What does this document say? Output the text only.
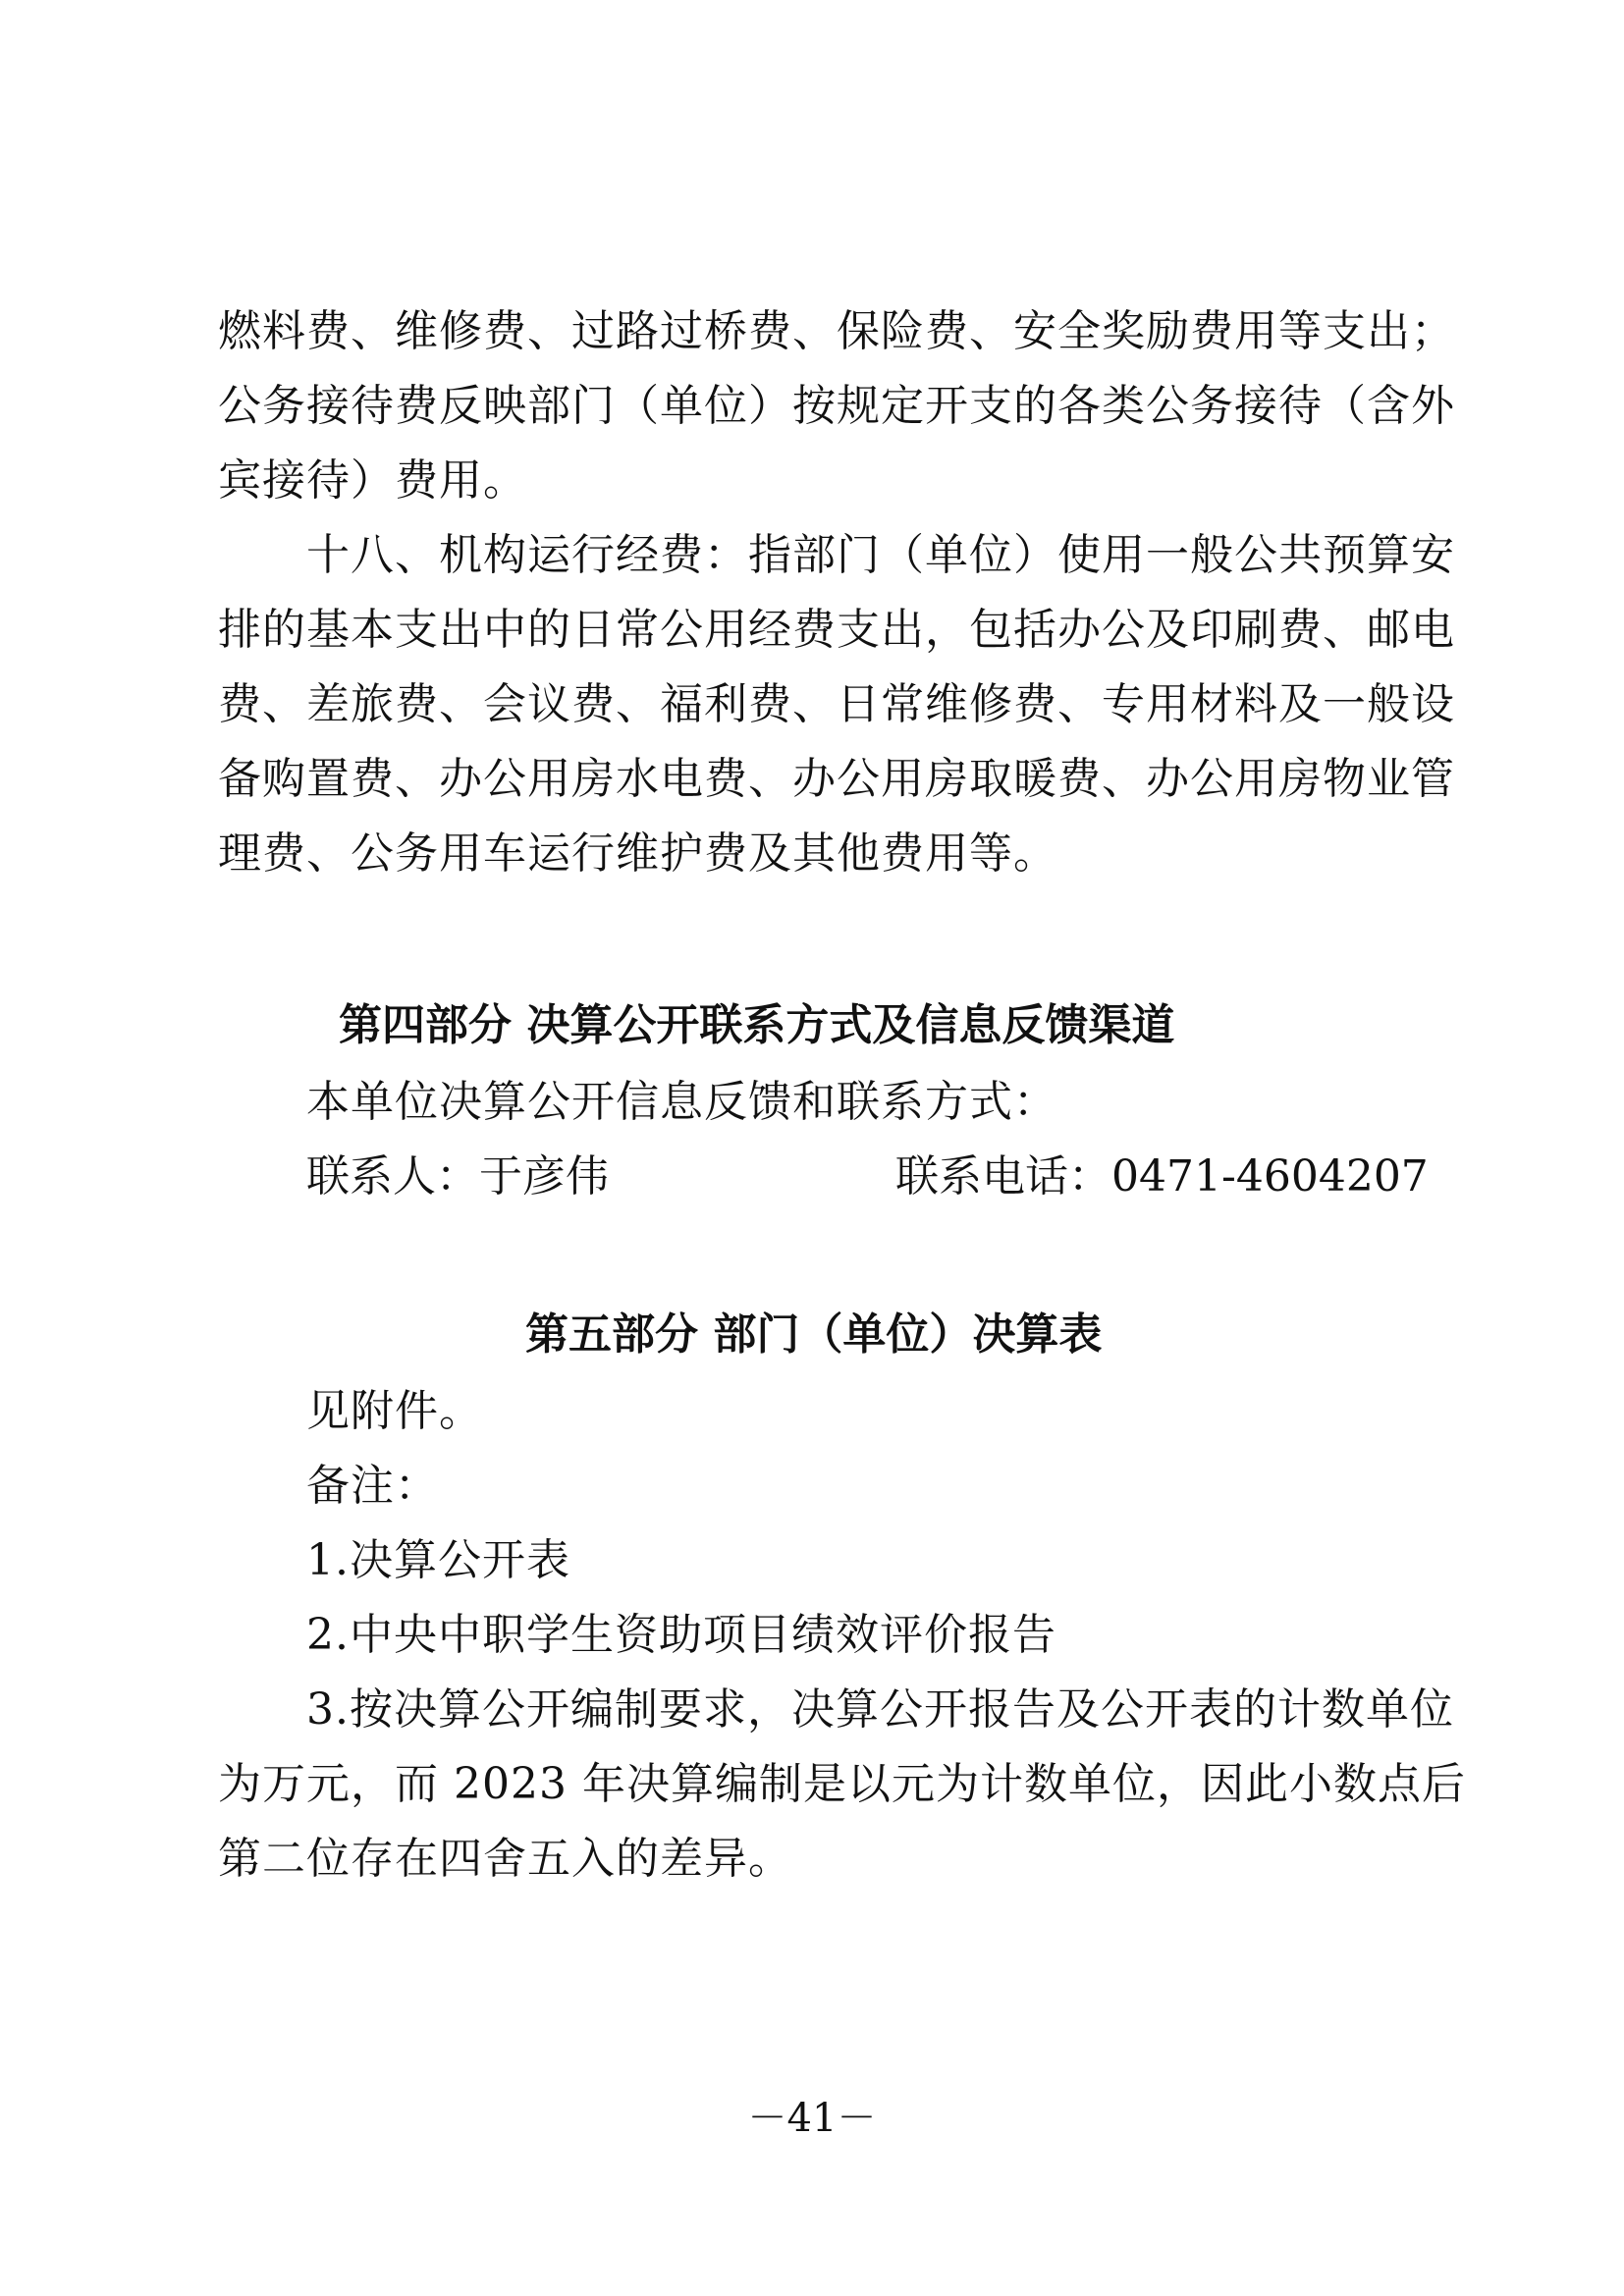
燃料费、维修费、过路过桥费、保险费、安全奖励费用等支出；
公务接待费反映部门（单位）按规定开支的各类公务接待（含外
宾接待）费用。
十八、机构运行经费：指部门（单位）使用一般公共预算安
排的基本支出中的日常公用经费支出，包括办公及印刷费、邮电
费、差旅费、会议费、福利费、日常维修费、专用材料及一般设
备购置费、办公用房水电费、办公用房取暖费、办公用房物业管
理费、公务用车运行维护费及其他费用等。
第四部分 决算公开联系方式及信息反馈渠道
本单位决算公开信息反馈和联系方式：
联系人：于彦伟	联系电话：0471-4604207
第五部分 部门（单位）决算表
见附件。
备注：
1.决算公开表
2.中央中职学生资助项目绩效评价报告
3.按决算公开编制要求，决算公开报告及公开表的计数单位
为万元，而 2023 年决算编制是以元为计数单位，因此小数点后
第二位存在四舍五入的差异。
－41－
